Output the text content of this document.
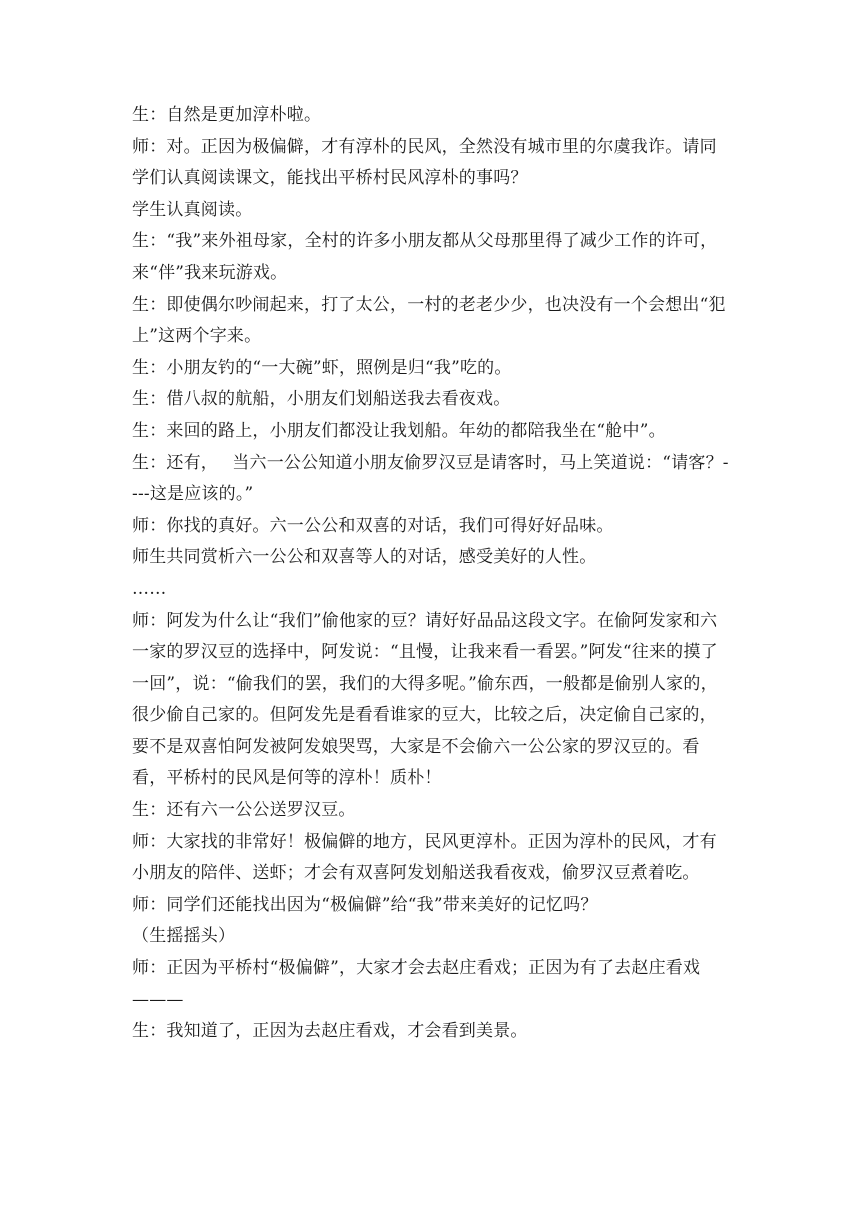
生：自然是更加淳朴啦。

师：对。正因为极偏僻，才有淳朴的民风，全然没有城市里的尔虞我诈。请同学们认真阅读课文，能找出平桥村民风淳朴的事吗？

学生认真阅读。

生：“我”来外祖母家，全村的许多小朋友都从父母那里得了减少工作的许可，来“伴”我来玩游戏。

生：即使偶尔吵闹起来，打了太公，一村的老老少少，也决没有一个会想出“犯上”这两个字来。

生：小朋友钓的“一大碗”虾，照例是归“我”吃的。

生：借八叔的航船，小朋友们划船送我去看夜戏。

生：来回的路上，小朋友们都没让我划船。年幼的都陪我坐在“舱中”。

生：还有，　 当六一公公知道小朋友偷罗汉豆是请客时，马上笑道说：“请客？----这是应该的。”

师：你找的真好。六一公公和双喜的对话，我们可得好好品味。

师生共同赏析六一公公和双喜等人的对话，感受美好的人性。

……

师：阿发为什么让“我们”偷他家的豆？请好好品品这段文字。在偷阿发家和六一家的罗汉豆的选择中，阿发说：“且慢，让我来看一看罢。”阿发“往来的摸了一回”，说：“偷我们的罢，我们的大得多呢。”偷东西，一般都是偷别人家的，很少偷自己家的。但阿发先是看看谁家的豆大，比较之后，决定偷自己家的，要不是双喜怕阿发被阿发娘哭骂，大家是不会偷六一公公家的罗汉豆的。看看，平桥村的民风是何等的淳朴！质朴！

生：还有六一公公送罗汉豆。

师：大家找的非常好！极偏僻的地方，民风更淳朴。正因为淳朴的民风，才有小朋友的陪伴、送虾；才会有双喜阿发划船送我看夜戏，偷罗汉豆煮着吃。

师：同学们还能找出因为“极偏僻”给“我”带来美好的记忆吗？

（生摇摇头）

师：正因为平桥村“极偏僻”，大家才会去赵庄看戏；正因为有了去赵庄看戏———

生：我知道了，正因为去赵庄看戏，才会看到美景。
